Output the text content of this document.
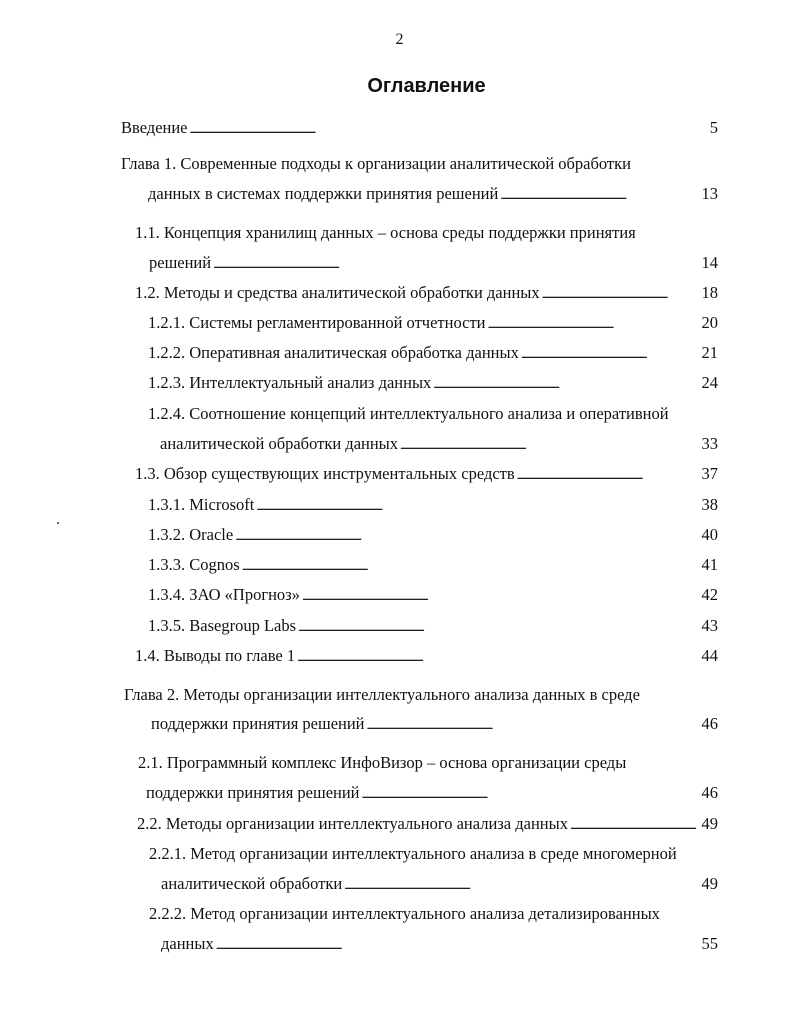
2
Оглавление
Введение . . .	5
Глава 1. Современные подходы к организации аналитической обработки
данных в системах поддержки принятия решений . . .	13
1.1. Концепция хранилищ данных – основа среды поддержки принятия
решений . . .	14
1.2. Методы и средства аналитической обработки данных . . .	18
1.2.1. Системы регламентированной отчетности . . .	20
1.2.2. Оперативная аналитическая обработка данных . . .	21
1.2.3. Интеллектуальный анализ данных . . .	24
1.2.4. Соотношение концепций интеллектуального анализа и оперативной
аналитической обработки данных . . .	33
1.3. Обзор существующих инструментальных средств . . .	37
1.3.1. Microsoft . . .	38
1.3.2. Oracle . . .	40
1.3.3. Cognos . . .	41
1.3.4. ЗАО «Прогноз» . . .	42
1.3.5. Basegroup Labs . . .	43
1.4. Выводы по главе 1 . . .	44
Глава 2. Методы организации интеллектуального анализа данных в среде
поддержки принятия решений . . .	46
2.1. Программный комплекс ИнфоВизор – основа организации среды
поддержки принятия решений . . .	46
2.2. Методы организации интеллектуального анализа данных . . .	49
2.2.1. Метод организации интеллектуального анализа в среде многомерной
аналитической обработки . . .	49
2.2.2. Метод организации интеллектуального анализа детализированных
данных . . .	55
